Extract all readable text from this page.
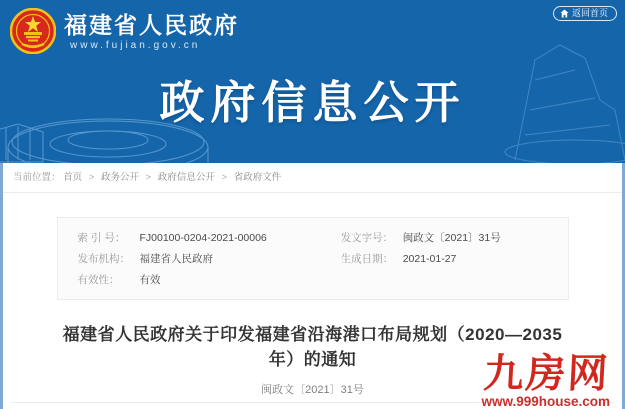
福建省人民政府
www.fujian.gov.cn
返回首页
政府信息公开
当前位置： 首页 > 政务公开 > 政府信息公开 > 省政府文件
索 引 号：	FJ00100-0204-2021-00006	发文字号： 闽政文〔2021〕31号
发布机构： 福建省人民政府	生成日期： 2021-01-27
有效性：	有效
福建省人民政府关于印发福建省沿海港口布局规划（2020—2035年）的通知
闽政文〔2021〕31号	九房网
www.999house.com
